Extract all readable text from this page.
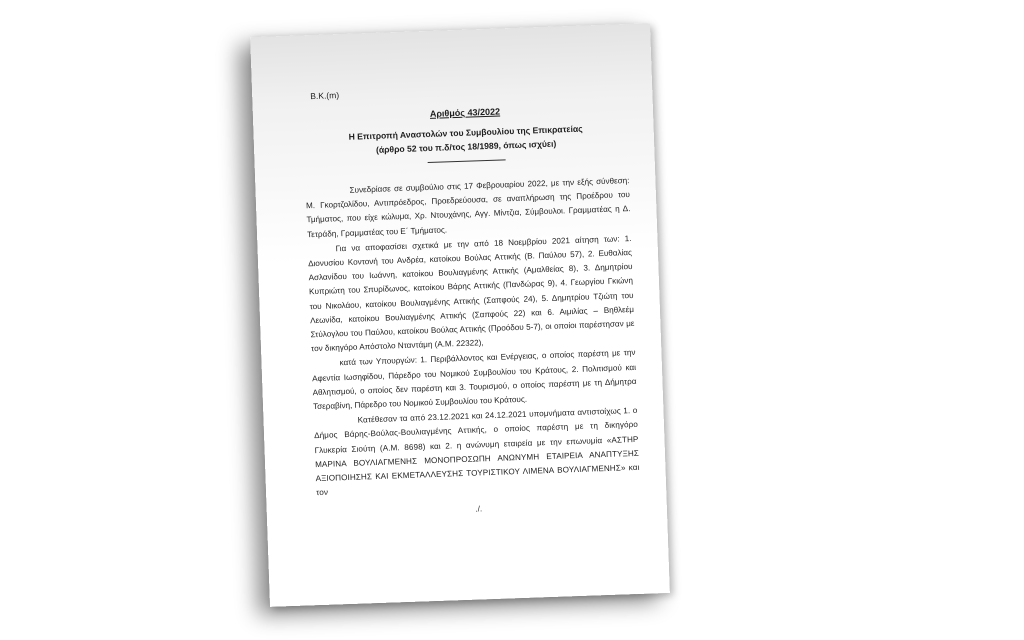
Β.Κ.(m)
Αριθμός 43/2022
Η Επιτροπή Αναστολών του Συμβουλίου της Επικρατείας
(άρθρο 52 του π.δ/τος 18/1989, όπως ισχύει)

Συνεδρίασε σε συμβούλιο στις 17 Φεβρουαρίου 2022, με την εξής σύνθεση: Μ. Γκορτζολίδου, Αντιπρόεδρος, Προεδρεύουσα, σε αναπλήρωση της Προέδρου του Τμήματος, που είχε κώλυμα, Χρ. Ντουχάνης, Αγγ. Μίντζια, Σύμβουλοι. Γραμματέας η Δ. Τετράδη, Γραμματέας του Ε΄ Τμήματος.

Για να αποφασίσει σχετικά με την από 18 Νοεμβρίου 2021 αίτηση των: 1. Διονυσίου Κοντονή του Ανδρέα, κατοίκου Βούλας Αττικής (Β. Παύλου 57), 2. Ευθαλίας Ασλανίδου του Ιωάννη, κατοίκου Βουλιαγμένης Αττικής (Αμαλθείας 8), 3. Δημητρίου Κυπριώτη του Σπυρίδωνος, κατοίκου Βάρης Αττικής (Πανδώρας 9), 4. Γεωργίου Γκιώνη του Νικολάου, κατοίκου Βουλιαγμένης Αττικής (Σαπφούς 24), 5. Δημητρίου Τζιώτη του Λεωνίδα, κατοίκου Βουλιαγμένης Αττικής (Σαπφούς 22) και 6. Αιμιλίας – Βηθλεέμ Στύλογλου του Παύλου, κατοίκου Βούλας Αττικής (Προόδου 5-7), οι οποίοι παρέστησαν με τον δικηγόρο Απόστολο Νταντάμη (Α.Μ. 22322),

κατά των Υπουργών: 1. Περιβάλλοντος και Ενέργειας, ο οποίος παρέστη με την Αφεντία Ιωσηφίδου, Πάρεδρο του Νομικού Συμβουλίου του Κράτους, 2. Πολιτισμού και Αθλητισμού, ο οποίος δεν παρέστη και 3. Τουρισμού, ο οποίος παρέστη με τη Δήμητρα Τσεραβίνη, Πάρεδρο του Νομικού Συμβουλίου του Κράτους.

Κατέθεσαν τα από 23.12.2021 και 24.12.2021 υπομνήματα αντιστοίχως 1. ο Δήμος Βάρης-Βούλας-Βουλιαγμένης Αττικής, ο οποίος παρέστη με τη δικηγόρο Γλυκερία Σιούτη (Α.Μ. 8698) και 2. η ανώνυμη εταιρεία με την επωνυμία «ΑΣΤΗΡ ΜΑΡΙΝΑ ΒΟΥΛΙΑΓΜΕΝΗΣ ΜΟΝΟΠΡΟΣΩΠΗ ΑΝΩΝΥΜΗ ΕΤΑΙΡΕΙΑ ΑΝΑΠΤΥΞΗΣ ΑΞΙΟΠΟΙΗΣΗΣ ΚΑΙ ΕΚΜΕΤΑΛΛΕΥΣΗΣ ΤΟΥΡΙΣΤΙΚΟΥ ΛΙΜΕΝΑ ΒΟΥΛΙΑΓΜΕΝΗΣ» και τον

./.
